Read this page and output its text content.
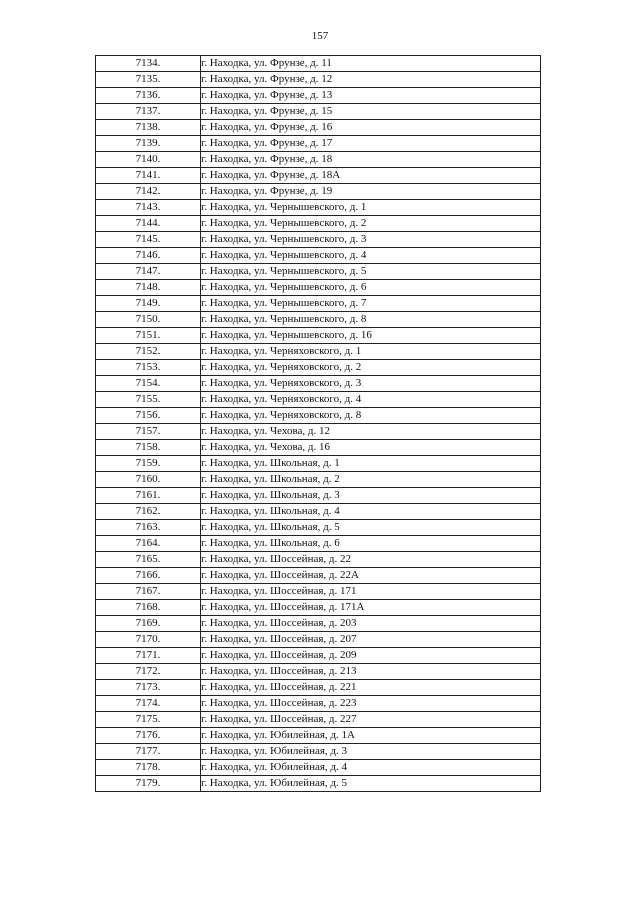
157
7134.	г. Находка, ул. Фрунзе, д. 11
7135.	г. Находка, ул. Фрунзе, д. 12
7136.	г. Находка, ул. Фрунзе, д. 13
7137.	г. Находка, ул. Фрунзе, д. 15
7138.	г. Находка, ул. Фрунзе, д. 16
7139.	г. Находка, ул. Фрунзе, д. 17
7140.	г. Находка, ул. Фрунзе, д. 18
7141.	г. Находка, ул. Фрунзе, д. 18А
7142.	г. Находка, ул. Фрунзе, д. 19
7143.	г. Находка, ул. Чернышевского, д. 1
7144.	г. Находка, ул. Чернышевского, д. 2
7145.	г. Находка, ул. Чернышевского, д. 3
7146.	г. Находка, ул. Чернышевского, д. 4
7147.	г. Находка, ул. Чернышевского, д. 5
7148.	г. Находка, ул. Чернышевского, д. 6
7149.	г. Находка, ул. Чернышевского, д. 7
7150.	г. Находка, ул. Чернышевского, д. 8
7151.	г. Находка, ул. Чернышевского, д. 16
7152.	г. Находка, ул. Черняховского, д. 1
7153.	г. Находка, ул. Черняховского, д. 2
7154.	г. Находка, ул. Черняховского, д. 3
7155.	г. Находка, ул. Черняховского, д. 4
7156.	г. Находка, ул. Черняховского, д. 8
7157.	г. Находка, ул. Чехова, д. 12
7158.	г. Находка, ул. Чехова, д. 16
7159.	г. Находка, ул. Школьная, д. 1
7160.	г. Находка, ул. Школьная, д. 2
7161.	г. Находка, ул. Школьная, д. 3
7162.	г. Находка, ул. Школьная, д. 4
7163.	г. Находка, ул. Школьная, д. 5
7164.	г. Находка, ул. Школьная, д. 6
7165.	г. Находка, ул. Шоссейная, д. 22
7166.	г. Находка, ул. Шоссейная, д. 22А
7167.	г. Находка, ул. Шоссейная, д. 171
7168.	г. Находка, ул. Шоссейная, д. 171А
7169.	г. Находка, ул. Шоссейная, д. 203
7170.	г. Находка, ул. Шоссейная, д. 207
7171.	г. Находка, ул. Шоссейная, д. 209
7172.	г. Находка, ул. Шоссейная, д. 213
7173.	г. Находка, ул. Шоссейная, д. 221
7174.	г. Находка, ул. Шоссейная, д. 223
7175.	г. Находка, ул. Шоссейная, д. 227
7176.	г. Находка, ул. Юбилейная, д. 1А
7177.	г. Находка, ул. Юбилейная, д. 3
7178.	г. Находка, ул. Юбилейная, д. 4
7179.	г. Находка, ул. Юбилейная, д. 5
